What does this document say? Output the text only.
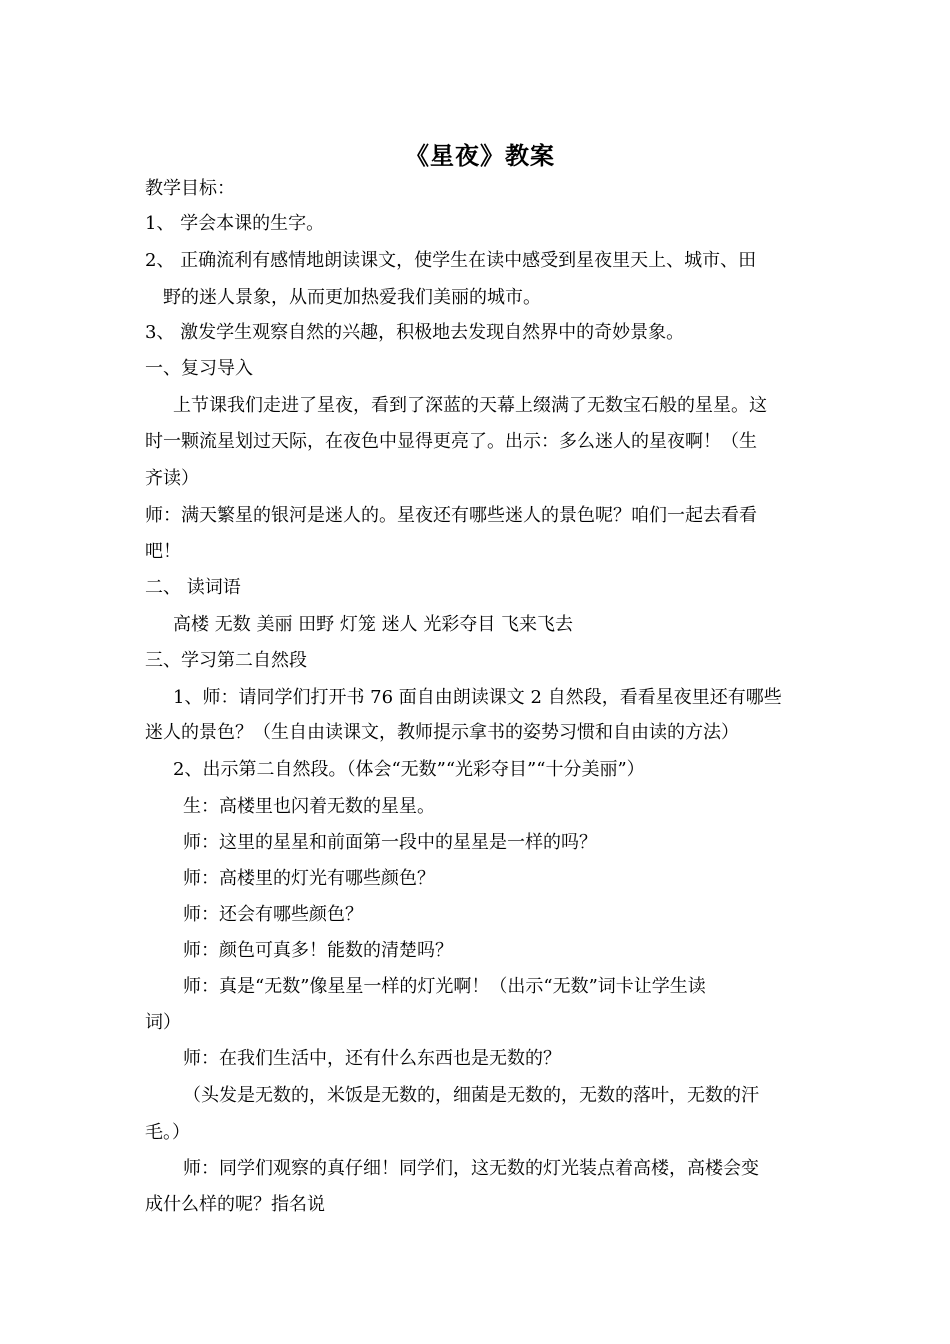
《星夜》教案
教学目标：
1、 学会本课的生字。
2、 正确流利有感情地朗读课文，使学生在读中感受到星夜里天上、城市、田
野的迷人景象，从而更加热爱我们美丽的城市。
3、 激发学生观察自然的兴趣，积极地去发现自然界中的奇妙景象。
一、复习导入
上节课我们走进了星夜，看到了深蓝的天幕上缀满了无数宝石般的星星。这
时一颗流星划过天际，在夜色中显得更亮了。出示：多么迷人的星夜啊！（生
齐读）
师：满天繁星的银河是迷人的。星夜还有哪些迷人的景色呢？咱们一起去看看
吧！
二、 读词语
高楼 无数 美丽 田野 灯笼 迷人 光彩夺目 飞来飞去
三、学习第二自然段
1、师：请同学们打开书 76 面自由朗读课文 2 自然段，看看星夜里还有哪些
迷人的景色？（生自由读课文，教师提示拿书的姿势习惯和自由读的方法）
2、出示第二自然段。（体会“无数”“光彩夺目”“十分美丽”）
生：高楼里也闪着无数的星星。
师：这里的星星和前面第一段中的星星是一样的吗？
师：高楼里的灯光有哪些颜色？
师：还会有哪些颜色？
师：颜色可真多！能数的清楚吗？
师：真是“无数”像星星一样的灯光啊！（出示“无数”词卡让学生读
词）
师：在我们生活中，还有什么东西也是无数的？
（头发是无数的，米饭是无数的，细菌是无数的，无数的落叶，无数的汗
毛。）
师：同学们观察的真仔细！同学们，这无数的灯光装点着高楼，高楼会变
成什么样的呢？指名说
